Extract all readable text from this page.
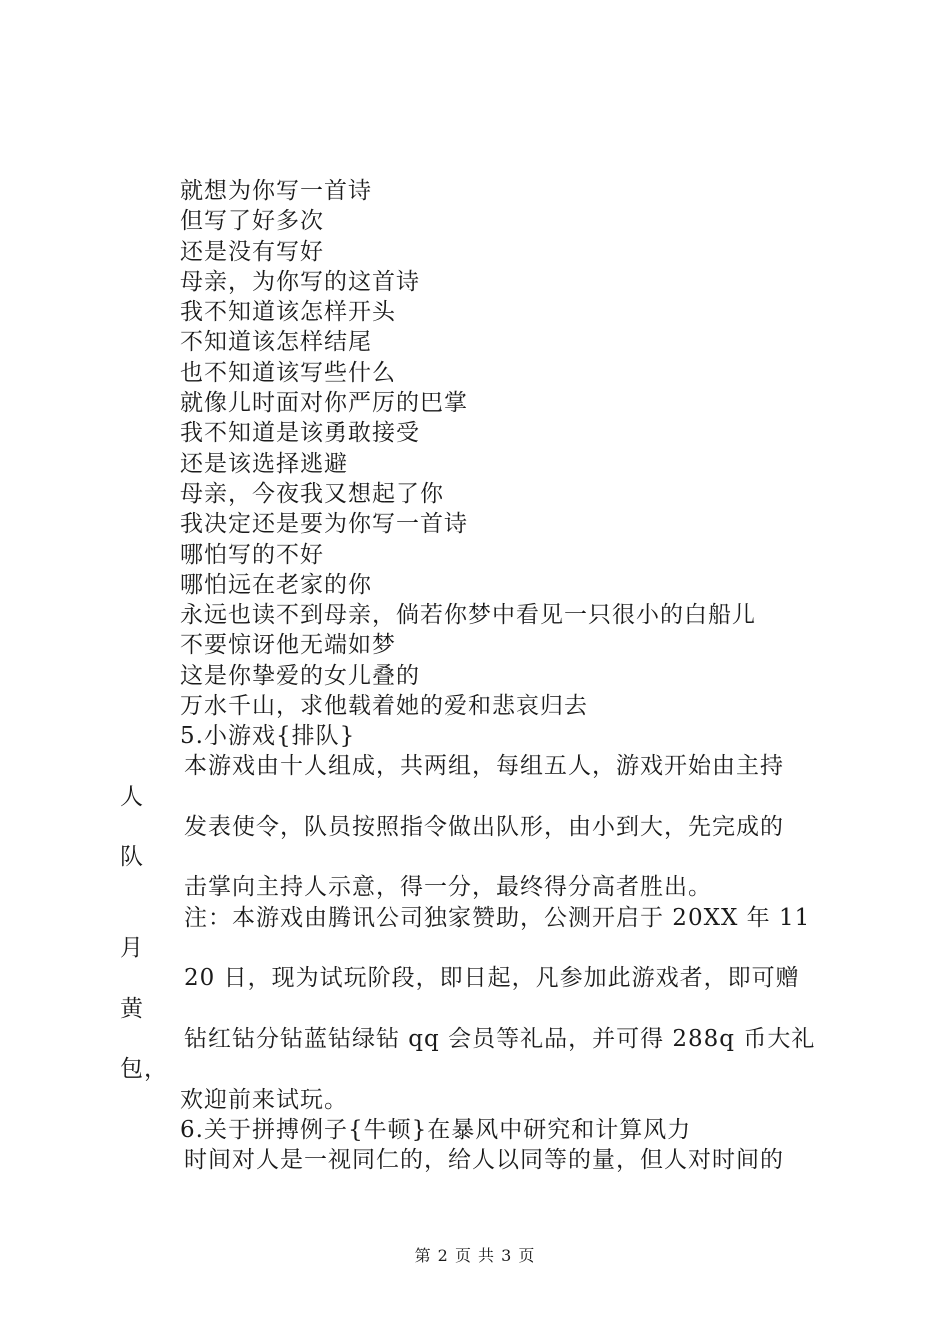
就想为你写一首诗
但写了好多次
还是没有写好
母亲，为你写的这首诗
我不知道该怎样开头
不知道该怎样结尾
也不知道该写些什么
就像儿时面对你严厉的巴掌
我不知道是该勇敢接受
还是该选择逃避
母亲，今夜我又想起了你
我决定还是要为你写一首诗
哪怕写的不好
哪怕远在老家的你
永远也读不到母亲，倘若你梦中看见一只很小的白船儿
不要惊讶他无端如梦
这是你挚爱的女儿叠的
万水千山，求他载着她的爱和悲哀归去
5.小游戏{排队}
本游戏由十人组成，共两组，每组五人，游戏开始由主持
人
发表使令，队员按照指令做出队形，由小到大，先完成的
队
击掌向主持人示意，得一分，最终得分高者胜出。
注：本游戏由腾讯公司独家赞助，公测开启于 20XX 年 11
月
20 日，现为试玩阶段，即日起，凡参加此游戏者，即可赠
黄
钻红钻分钻蓝钻绿钻 qq 会员等礼品，并可得 288q 币大礼
包，
欢迎前来试玩。
6.关于拼搏例子{牛顿}在暴风中研究和计算风力
时间对人是一视同仁的，给人以同等的量，但人对时间的
第 2 页 共 3 页
